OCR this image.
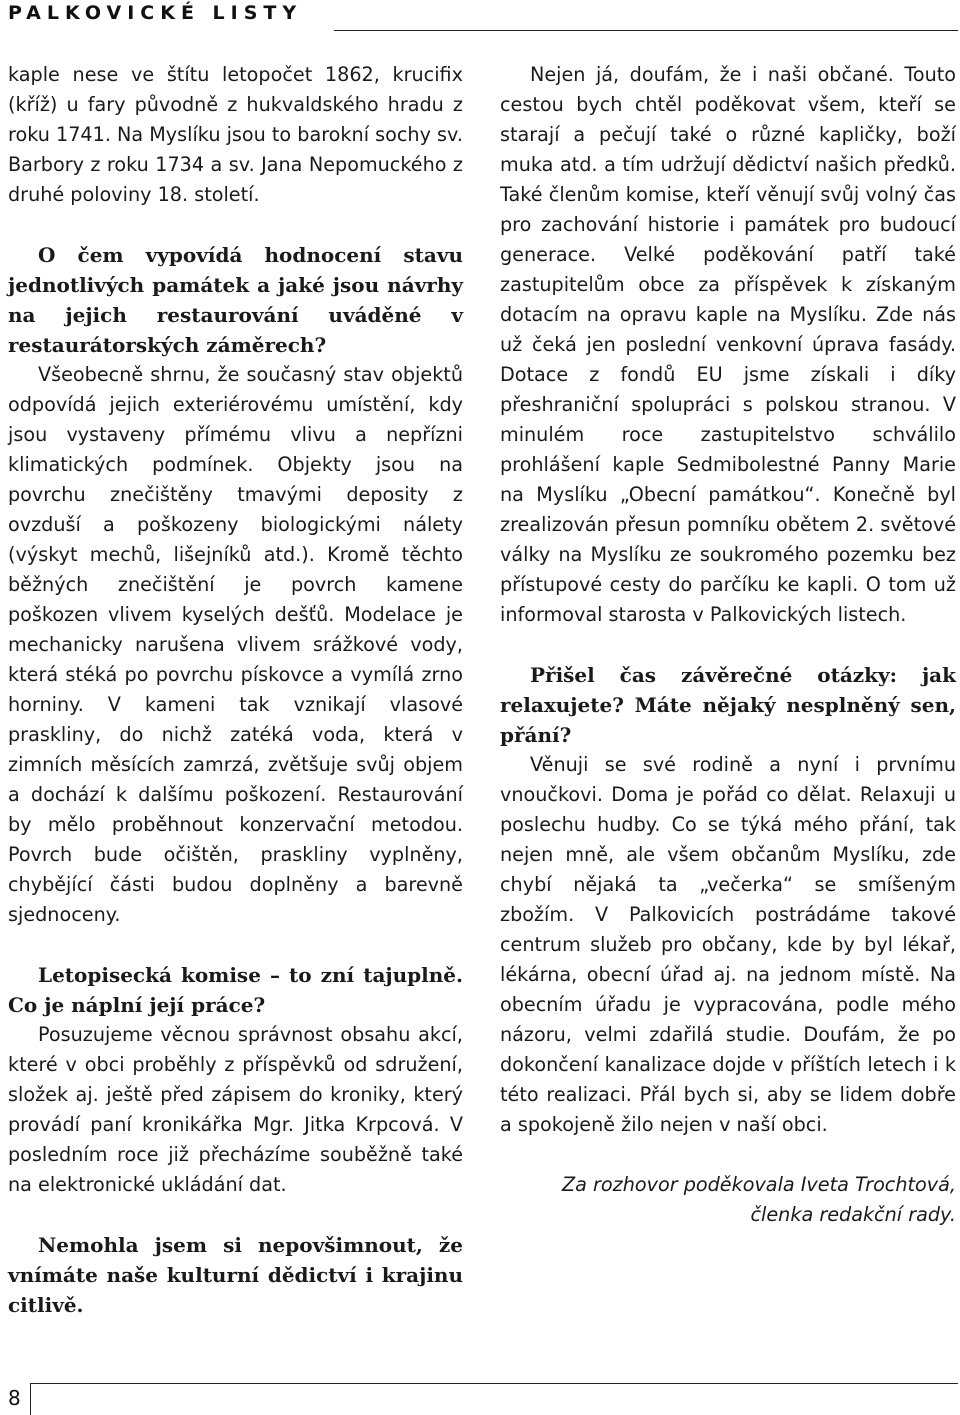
PALKOVICKÉ LISTY

kaple nese ve štítu letopočet 1862, krucifix (kříž) u fary původně z hukvaldského hradu z roku 1741. Na Myslíku jsou to barokní sochy sv. Barbory z roku 1734 a sv. Jana Nepomuckého z druhé poloviny 18. století.

O čem vypovídá hodnocení stavu jednotlivých památek a jaké jsou návrhy na jejich restaurování uváděné v restaurátorských záměrech?

Všeobecně shrnu, že současný stav objektů odpovídá jejich exteriérovému umístění, kdy jsou vystaveny přímému vlivu a nepřízni klimatických podmínek. Objekty jsou na povrchu znečištěny tmavými deposity z ovzduší a poškozeny biologickými nálety (výskyt mechů, lišejníků atd.). Kromě těchto běžných znečištění je povrch kamene poškozen vlivem kyselých dešťů. Modelace je mechanicky narušena vlivem srážkové vody, která stéká po povrchu pískovce a vymílá zrno horniny. V kameni tak vznikají vlasové praskliny, do nichž zatéká voda, která v zimních měsících zamrzá, zvětšuje svůj objem a dochází k dalšímu poškození. Restaurování by mělo proběhnout konzervační metodou. Povrch bude očištěn, praskliny vyplněny, chybějící části budou doplněny a barevně sjednoceny.

Letopisecká komise – to zní tajuplně. Co je náplní její práce?

Posuzujeme věcnou správnost obsahu akcí, které v obci proběhly z příspěvků od sdružení, složek aj. ještě před zápisem do kroniky, který provádí paní kronikářka Mgr. Jitka Krpcová. V posledním roce již přecházíme souběžně také na elektronické ukládání dat.

Nemohla jsem si nepovšimnout, že vnímáte naše kulturní dědictví i krajinu citlivě.

Nejen já, doufám, že i naši občané. Touto cestou bych chtěl poděkovat všem, kteří se starají a pečují také o různé kapličky, boží muka atd. a tím udržují dědictví našich předků. Také členům komise, kteří věnují svůj volný čas pro zachování historie i památek pro budoucí generace. Velké poděkování patří také zastupitelům obce za příspěvek k získaným dotacím na opravu kaple na Myslíku. Zde nás už čeká jen poslední venkovní úprava fasády. Dotace z fondů EU jsme získali i díky přeshraniční spolupráci s polskou stranou. V minulém roce zastupitelstvo schválilo prohlášení kaple Sedmibolestné Panny Marie na Myslíku „Obecní památkou“. Konečně byl zrealizován přesun pomníku obětem 2. světové války na Myslíku ze soukromého pozemku bez přístupové cesty do parčíku ke kapli. O tom už informoval starosta v Palkovických listech.

Přišel čas závěrečné otázky: jak relaxujete? Máte nějaký nesplněný sen, přání?

Věnuji se své rodině a nyní i prvnímu vnoučkovi. Doma je pořád co dělat. Relaxuji u poslechu hudby. Co se týká mého přání, tak nejen mně, ale všem občanům Myslíku, zde chybí nějaká ta „večerka“ se smíšeným zbožím. V Palkovicích postrádáme takové centrum služeb pro občany, kde by byl lékař, lékárna, obecní úřad aj. na jednom místě. Na obecním úřadu je vypracována, podle mého názoru, velmi zdařilá studie. Doufám, že po dokončení kanalizace dojde v příštích letech i k této realizaci. Přál bych si, aby se lidem dobře a spokojeně žilo nejen v naší obci.

Za rozhovor poděkovala Iveta Trochtová, členka redakční rady.

8
